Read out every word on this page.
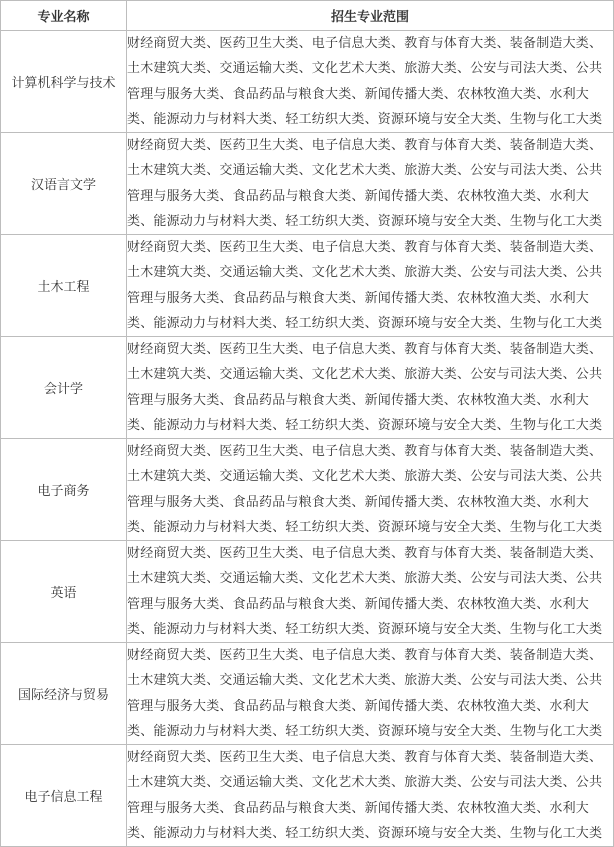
专业名称	招生专业范围
计算机科学与技术	财经商贸大类、医药卫生大类、电子信息大类、教育与体育大类、装备制造大类、土木建筑大类、交通运输大类、文化艺术大类、旅游大类、公安与司法大类、公共管理与服务大类、食品药品与粮食大类、新闻传播大类、农林牧渔大类、水利大类、能源动力与材料大类、轻工纺织大类、资源环境与安全大类、生物与化工大类
汉语言文学	财经商贸大类、医药卫生大类、电子信息大类、教育与体育大类、装备制造大类、土木建筑大类、交通运输大类、文化艺术大类、旅游大类、公安与司法大类、公共管理与服务大类、食品药品与粮食大类、新闻传播大类、农林牧渔大类、水利大类、能源动力与材料大类、轻工纺织大类、资源环境与安全大类、生物与化工大类
土木工程	财经商贸大类、医药卫生大类、电子信息大类、教育与体育大类、装备制造大类、土木建筑大类、交通运输大类、文化艺术大类、旅游大类、公安与司法大类、公共管理与服务大类、食品药品与粮食大类、新闻传播大类、农林牧渔大类、水利大类、能源动力与材料大类、轻工纺织大类、资源环境与安全大类、生物与化工大类
会计学	财经商贸大类、医药卫生大类、电子信息大类、教育与体育大类、装备制造大类、土木建筑大类、交通运输大类、文化艺术大类、旅游大类、公安与司法大类、公共管理与服务大类、食品药品与粮食大类、新闻传播大类、农林牧渔大类、水利大类、能源动力与材料大类、轻工纺织大类、资源环境与安全大类、生物与化工大类
电子商务	财经商贸大类、医药卫生大类、电子信息大类、教育与体育大类、装备制造大类、土木建筑大类、交通运输大类、文化艺术大类、旅游大类、公安与司法大类、公共管理与服务大类、食品药品与粮食大类、新闻传播大类、农林牧渔大类、水利大类、能源动力与材料大类、轻工纺织大类、资源环境与安全大类、生物与化工大类
英语	财经商贸大类、医药卫生大类、电子信息大类、教育与体育大类、装备制造大类、土木建筑大类、交通运输大类、文化艺术大类、旅游大类、公安与司法大类、公共管理与服务大类、食品药品与粮食大类、新闻传播大类、农林牧渔大类、水利大类、能源动力与材料大类、轻工纺织大类、资源环境与安全大类、生物与化工大类
国际经济与贸易	财经商贸大类、医药卫生大类、电子信息大类、教育与体育大类、装备制造大类、土木建筑大类、交通运输大类、文化艺术大类、旅游大类、公安与司法大类、公共管理与服务大类、食品药品与粮食大类、新闻传播大类、农林牧渔大类、水利大类、能源动力与材料大类、轻工纺织大类、资源环境与安全大类、生物与化工大类
电子信息工程	财经商贸大类、医药卫生大类、电子信息大类、教育与体育大类、装备制造大类、土木建筑大类、交通运输大类、文化艺术大类、旅游大类、公安与司法大类、公共管理与服务大类、食品药品与粮食大类、新闻传播大类、农林牧渔大类、水利大类、能源动力与材料大类、轻工纺织大类、资源环境与安全大类、生物与化工大类
